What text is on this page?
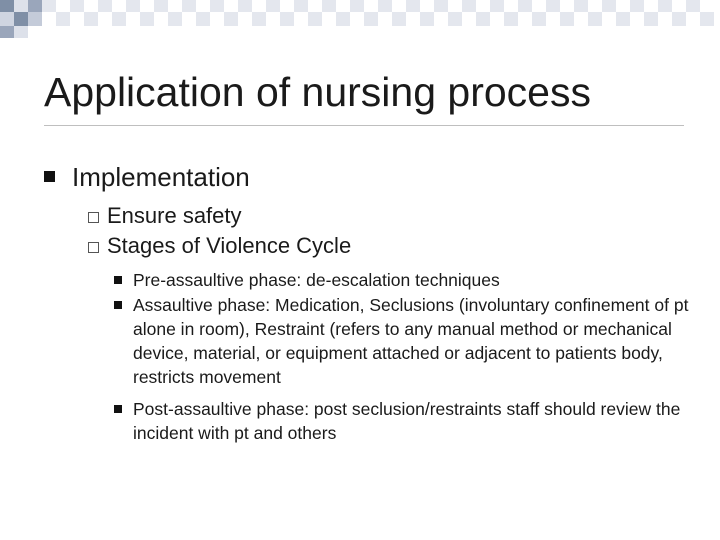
Application of nursing process
Implementation
Ensure safety
Stages of Violence Cycle
Pre-assaultive phase: de-escalation techniques
Assaultive phase: Medication, Seclusions (involuntary confinement of pt alone in room), Restraint (refers to any manual method or mechanical device, material, or equipment attached or adjacent to patients body, restricts movement
Post-assaultive phase: post seclusion/restraints staff should review the incident with pt and others
